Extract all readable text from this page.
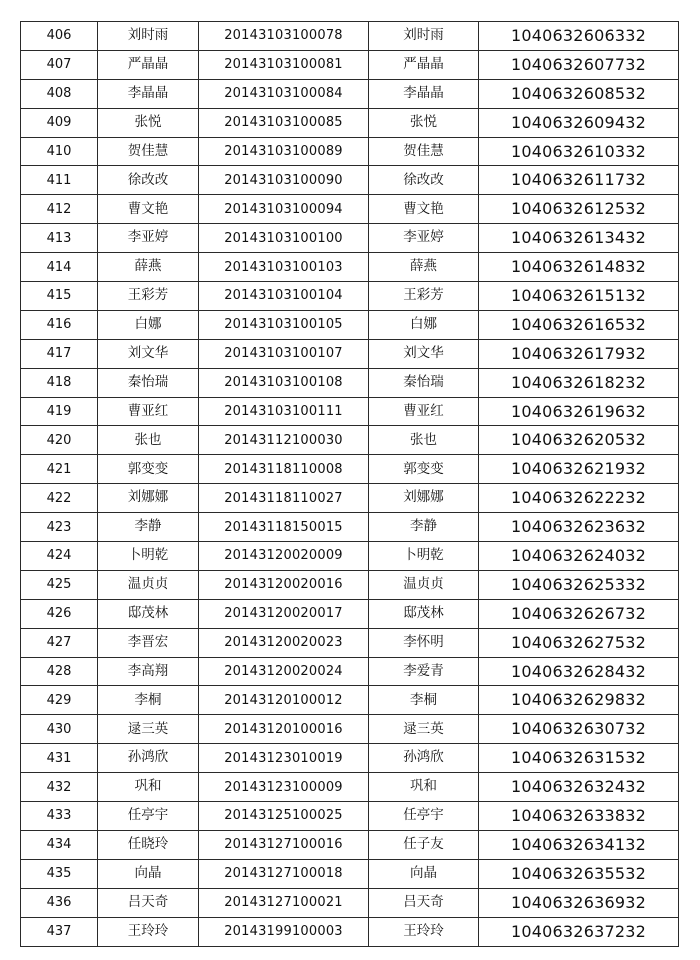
406	刘时雨	20143103100078	刘时雨	1040632606332
407	严晶晶	20143103100081	严晶晶	1040632607732
408	李晶晶	20143103100084	李晶晶	1040632608532
409	张悦	20143103100085	张悦	1040632609432
410	贺佳慧	20143103100089	贺佳慧	1040632610332
411	徐改改	20143103100090	徐改改	1040632611732
412	曹文艳	20143103100094	曹文艳	1040632612532
413	李亚婷	20143103100100	李亚婷	1040632613432
414	薛燕	20143103100103	薛燕	1040632614832
415	王彩芳	20143103100104	王彩芳	1040632615132
416	白娜	20143103100105	白娜	1040632616532
417	刘文华	20143103100107	刘文华	1040632617932
418	秦怡瑞	20143103100108	秦怡瑞	1040632618232
419	曹亚红	20143103100111	曹亚红	1040632619632
420	张也	20143112100030	张也	1040632620532
421	郭变变	20143118110008	郭变变	1040632621932
422	刘娜娜	20143118110027	刘娜娜	1040632622232
423	李静	20143118150015	李静	1040632623632
424	卜明乾	20143120020009	卜明乾	1040632624032
425	温贞贞	20143120020016	温贞贞	1040632625332
426	邸茂林	20143120020017	邸茂林	1040632626732
427	李晋宏	20143120020023	李怀明	1040632627532
428	李高翔	20143120020024	李爱青	1040632628432
429	李桐	20143120100012	李桐	1040632629832
430	逯三英	20143120100016	逯三英	1040632630732
431	孙鸿欣	20143123010019	孙鸿欣	1040632631532
432	巩和	20143123100009	巩和	1040632632432
433	任亭宇	20143125100025	任亭宇	1040632633832
434	任晓玲	20143127100016	任子友	1040632634132
435	向晶	20143127100018	向晶	1040632635532
436	吕天奇	20143127100021	吕天奇	1040632636932
437	王玲玲	20143199100003	王玲玲	1040632637232
